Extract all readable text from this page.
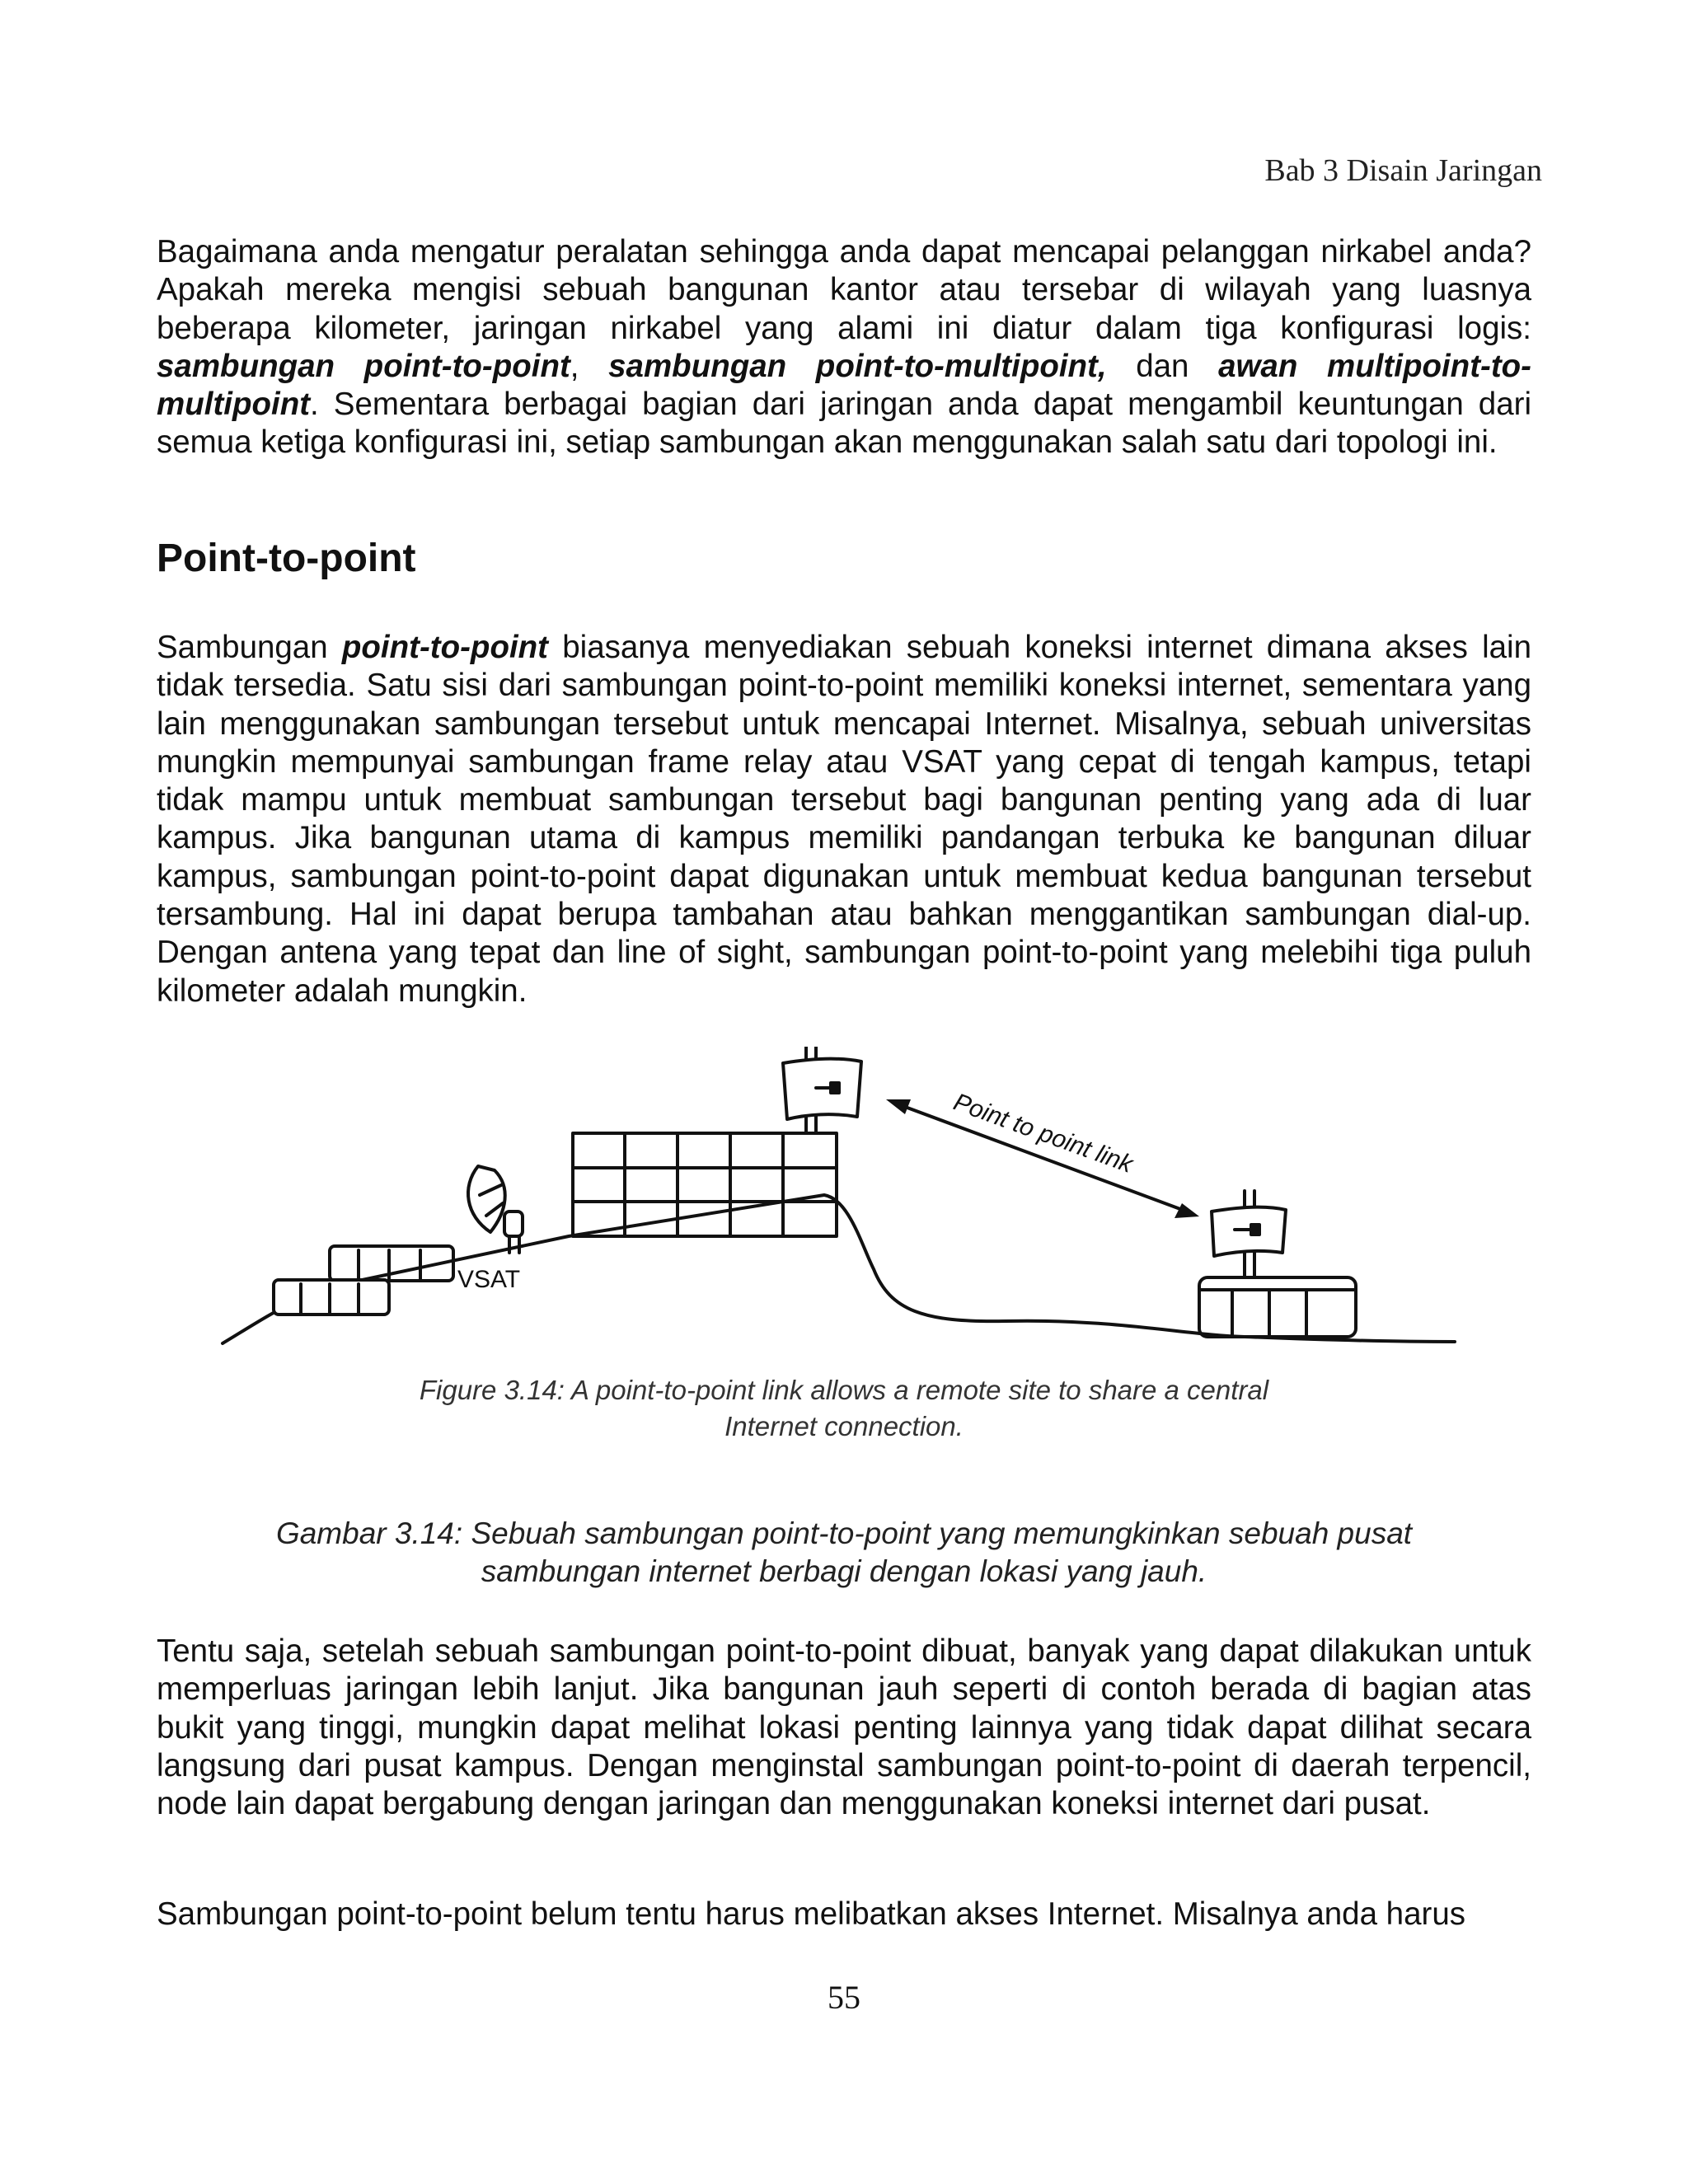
Bab 3 Disain Jaringan

Bagaimana anda mengatur peralatan sehingga anda dapat mencapai pelanggan nirkabel anda? Apakah mereka mengisi sebuah bangunan kantor atau tersebar di wilayah yang luasnya beberapa kilometer, jaringan nirkabel yang alami ini diatur dalam tiga konfigurasi logis: sambungan point-to-point, sambungan point-to-multipoint, dan awan multipoint-to-multipoint. Sementara berbagai bagian dari jaringan anda dapat mengambil keuntungan dari semua ketiga konfigurasi ini, setiap sambungan akan menggunakan salah satu dari topologi ini.

Point-to-point

Sambungan point-to-point biasanya menyediakan sebuah koneksi internet dimana akses lain tidak tersedia. Satu sisi dari sambungan point-to-point memiliki koneksi internet, sementara yang lain menggunakan sambungan tersebut untuk mencapai Internet. Misalnya, sebuah universitas mungkin mempunyai sambungan frame relay atau VSAT yang cepat di tengah kampus, tetapi tidak mampu untuk membuat sambungan tersebut bagi bangunan penting yang ada di luar kampus. Jika bangunan utama di kampus memiliki pandangan terbuka ke bangunan diluar kampus, sambungan point-to-point dapat digunakan untuk membuat kedua bangunan tersebut tersambung. Hal ini dapat berupa tambahan atau bahkan menggantikan sambungan dial-up. Dengan antena yang tepat dan line of sight, sambungan point-to-point yang melebihi tiga puluh kilometer adalah mungkin.

VSAT
Point to point link
Figure 3.14: A point-to-point link allows a remote site to share a central
Internet connection.
Gambar 3.14: Sebuah sambungan point-to-point yang memungkinkan sebuah pusat
sambungan internet berbagi dengan lokasi yang jauh.

Tentu saja, setelah sebuah sambungan point-to-point dibuat, banyak yang dapat dilakukan untuk memperluas jaringan lebih lanjut. Jika bangunan jauh seperti di contoh berada di bagian atas bukit yang tinggi, mungkin dapat melihat lokasi penting lainnya yang tidak dapat dilihat secara langsung dari pusat kampus. Dengan menginstal sambungan point-to-point di daerah terpencil, node lain dapat bergabung dengan jaringan dan menggunakan koneksi internet dari pusat.

Sambungan point-to-point belum tentu harus melibatkan akses Internet. Misalnya anda harus

55
